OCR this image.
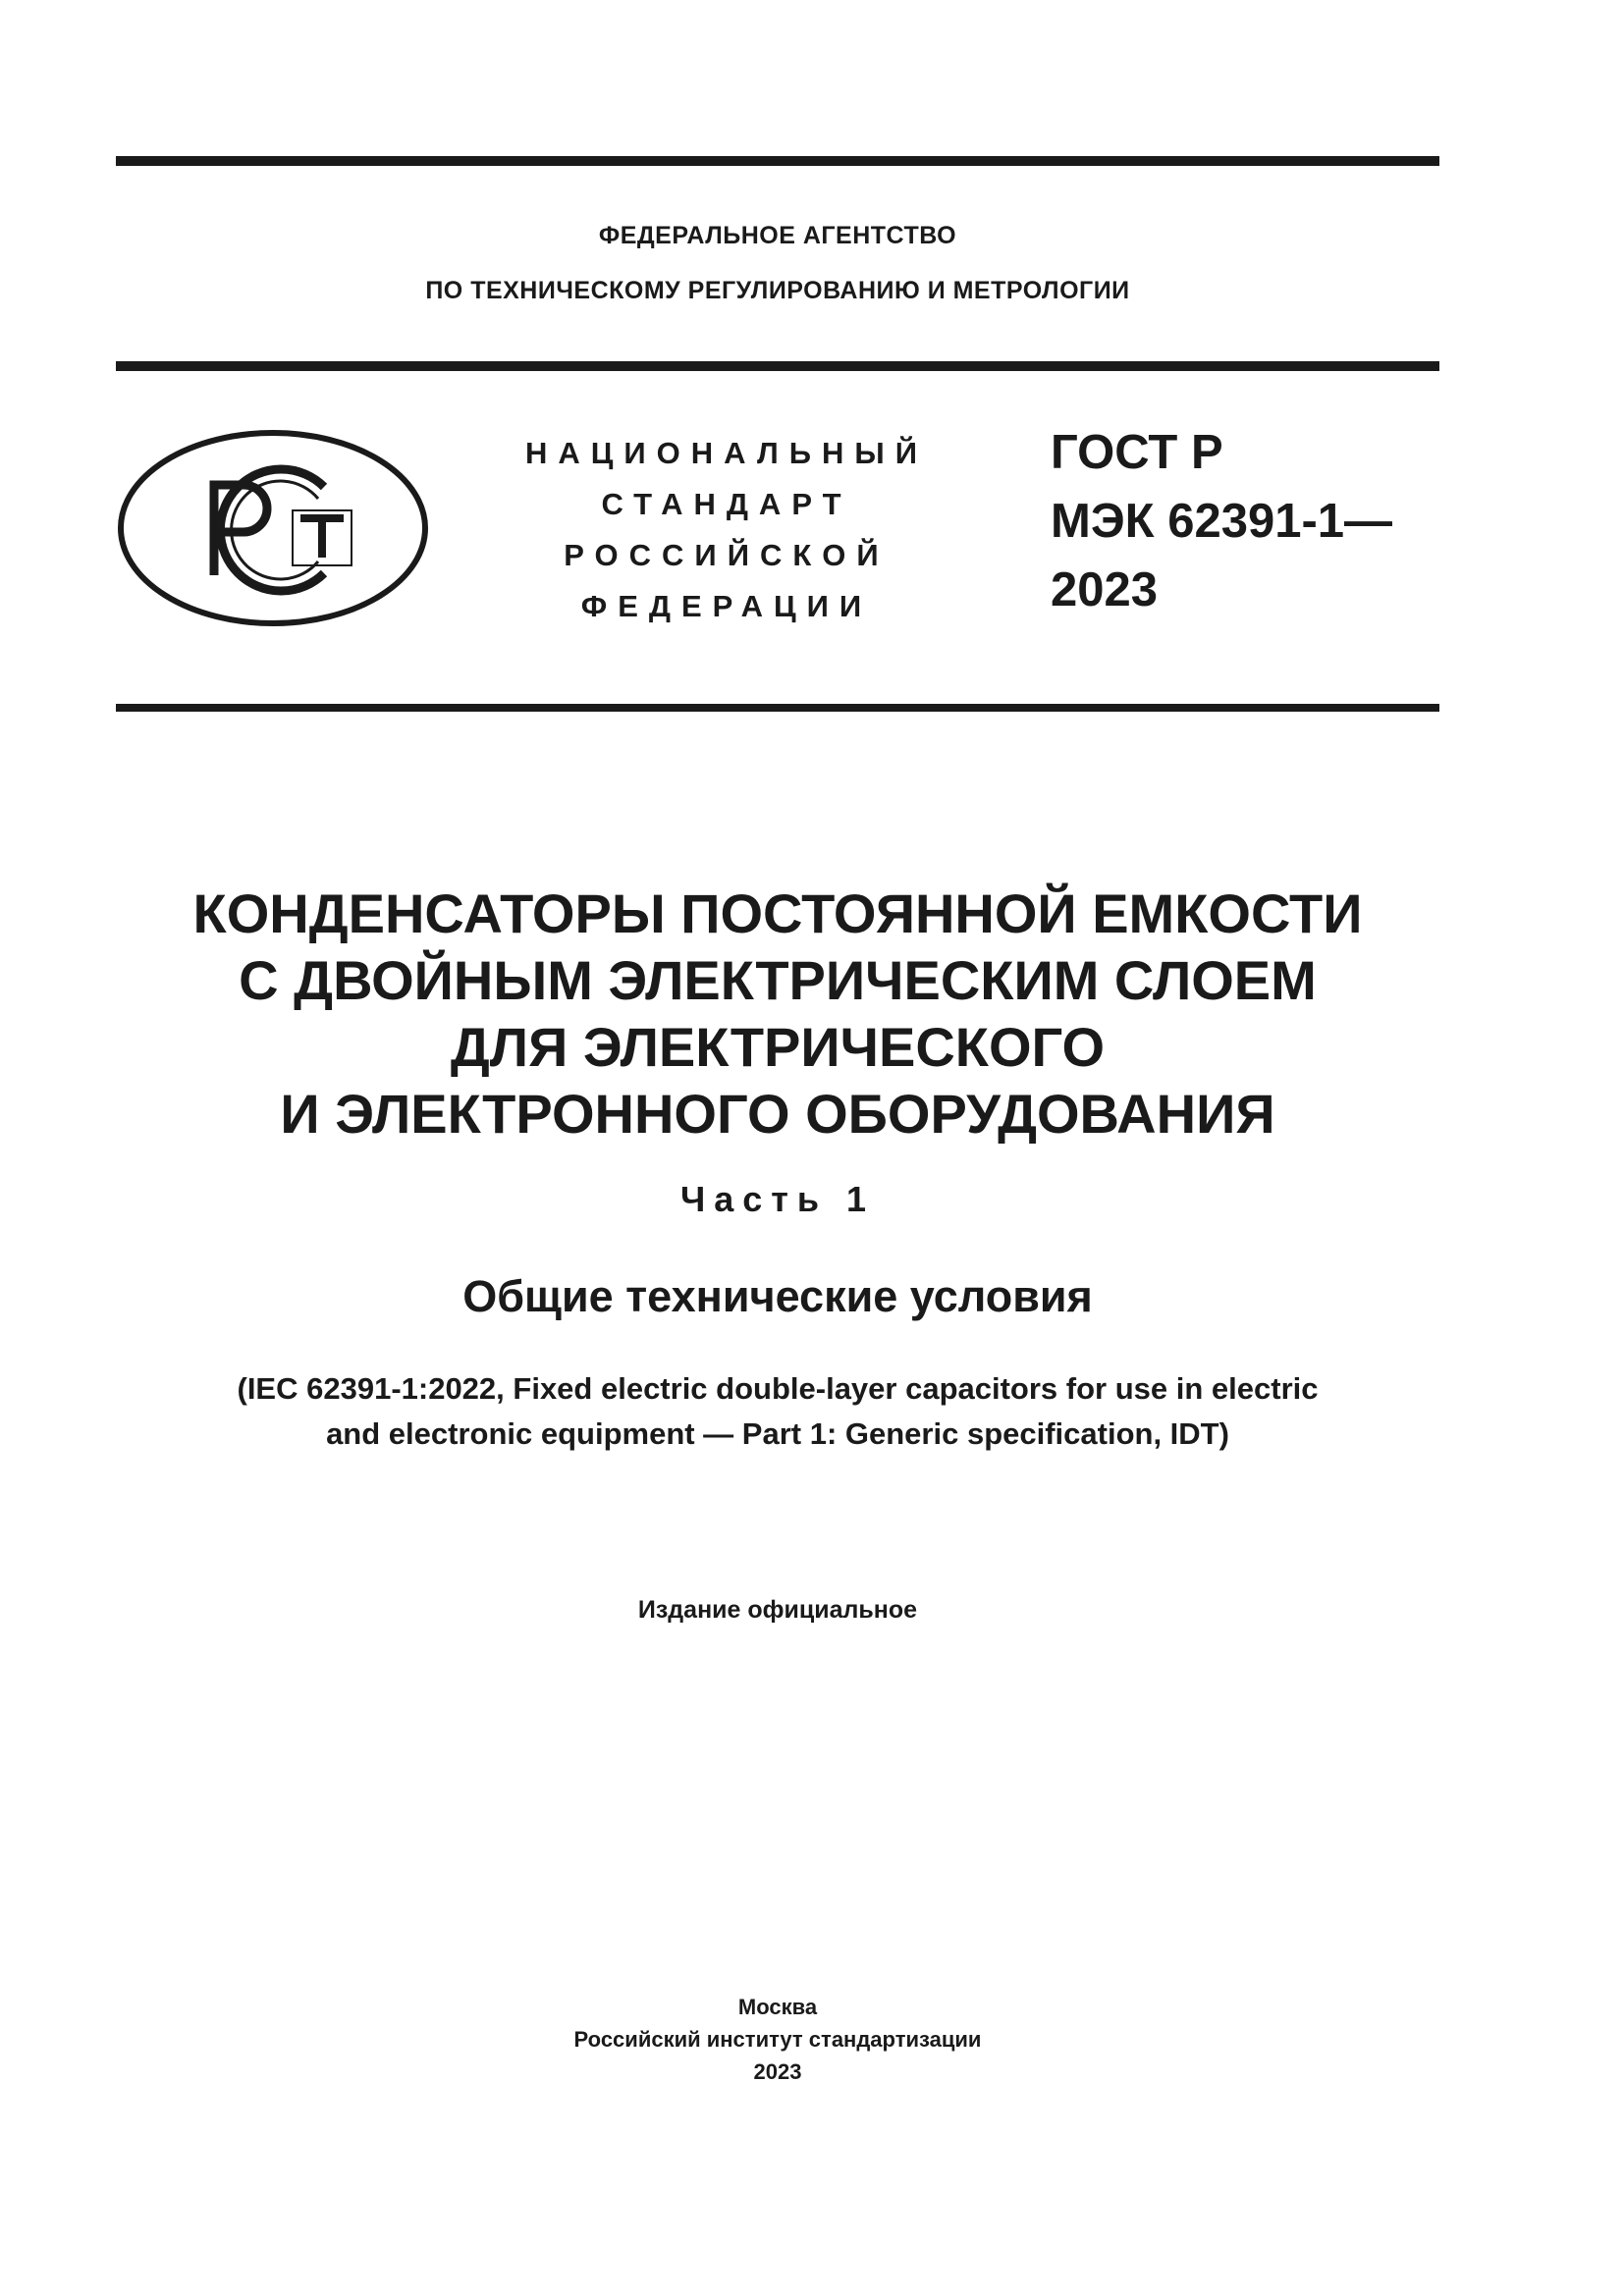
ФЕДЕРАЛЬНОЕ АГЕНТСТВО
ПО ТЕХНИЧЕСКОМУ РЕГУЛИРОВАНИЮ И МЕТРОЛОГИИ
НАЦИОНАЛЬНЫЙ
СТАНДАРТ
РОССИЙСКОЙ
ФЕДЕРАЦИИ
ГОСТ Р
МЭК 62391-1—
2023
КОНДЕНСАТОРЫ ПОСТОЯННОЙ ЕМКОСТИ
С ДВОЙНЫМ ЭЛЕКТРИЧЕСКИМ СЛОЕМ
ДЛЯ ЭЛЕКТРИЧЕСКОГО
И ЭЛЕКТРОННОГО ОБОРУДОВАНИЯ
Часть 1
Общие технические условия
(IEC 62391-1:2022, Fixed electric double-layer capacitors for use in electric
and electronic equipment — Part 1: Generic specification, IDT)
Издание официальное
Москва
Российский институт стандартизации
2023
